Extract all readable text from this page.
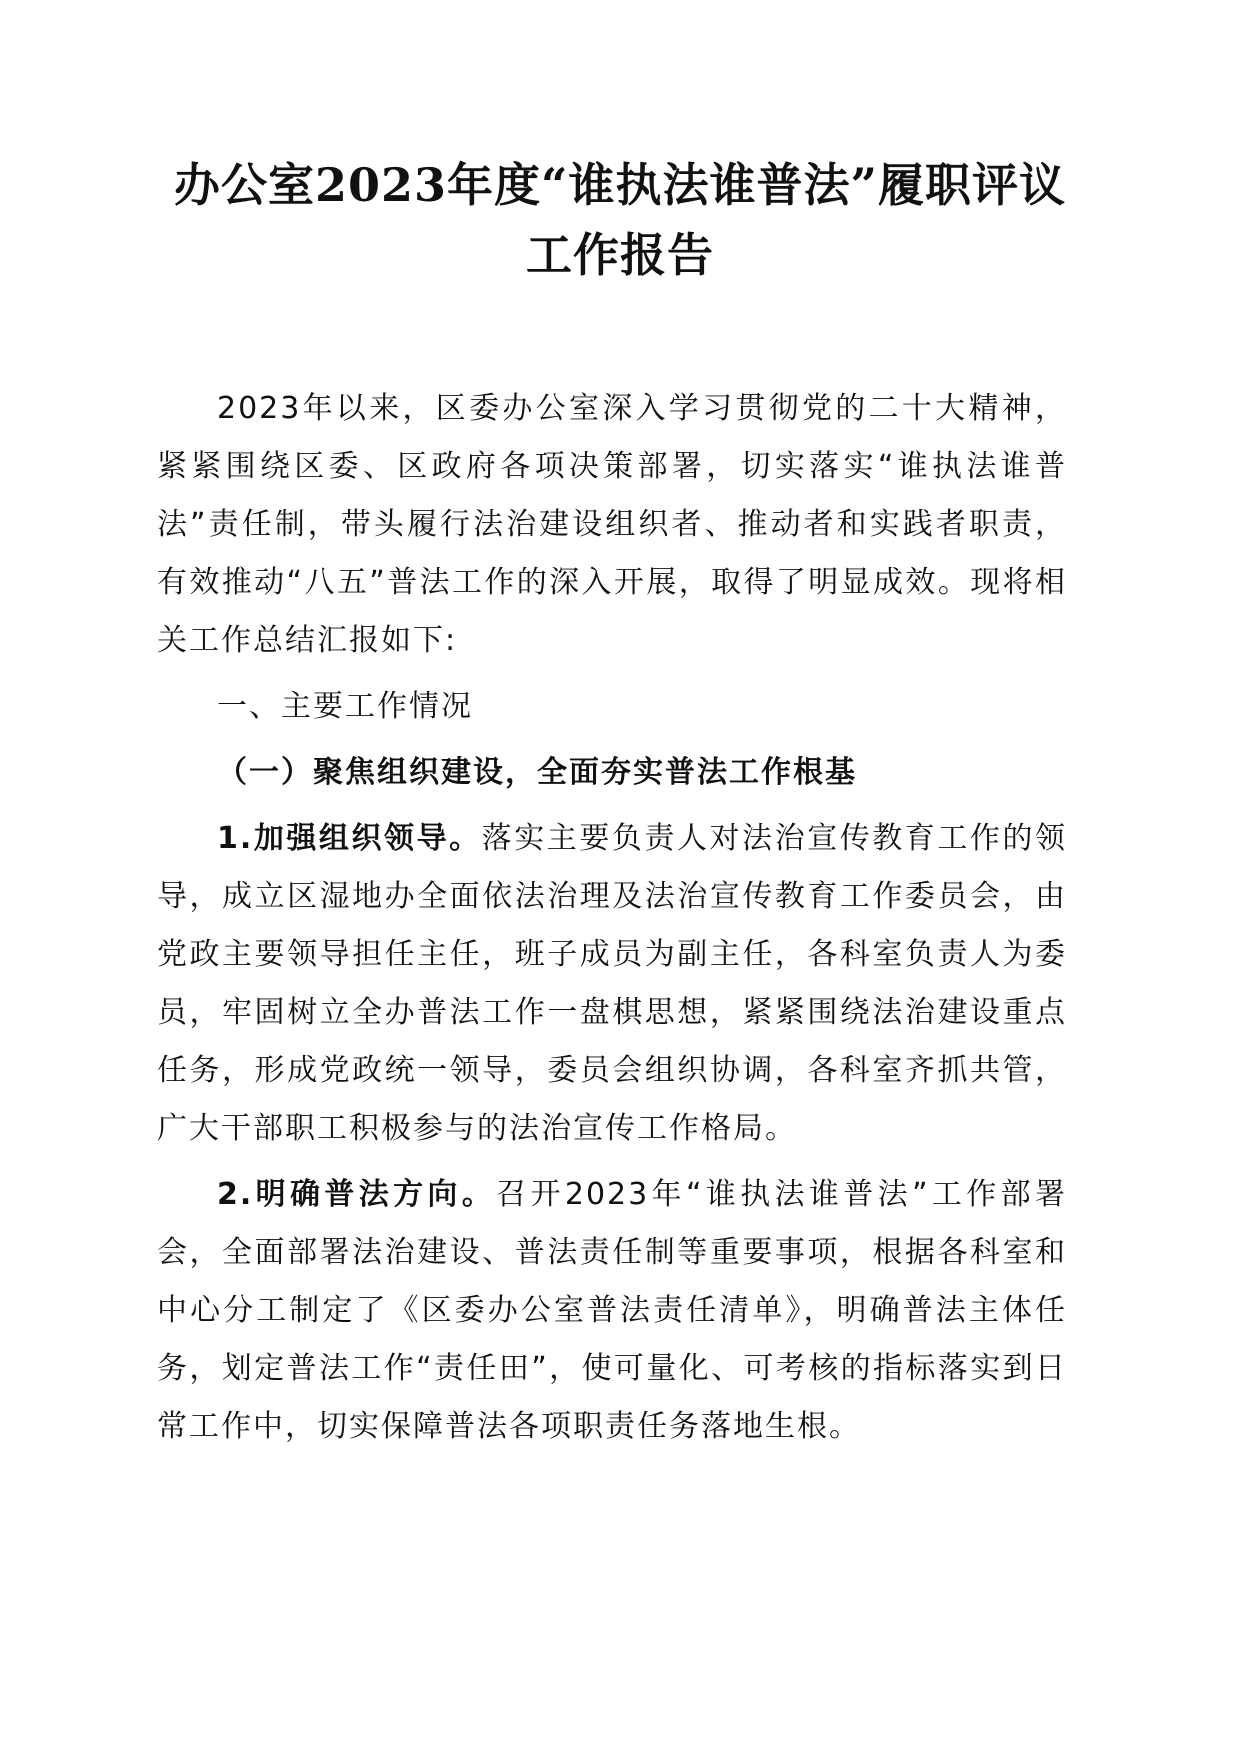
办公室2023年度“谁执法谁普法”履职评议
工作报告

2023年以来，区委办公室深入学习贯彻党的二十大精神，紧紧围绕区委、区政府各项决策部署，切实落实“谁执法谁普法”责任制，带头履行法治建设组织者、推动者和实践者职责，有效推动“八五”普法工作的深入开展，取得了明显成效。现将相关工作总结汇报如下:

一、主要工作情况

（一）聚焦组织建设，全面夯实普法工作根基

1.加强组织领导。落实主要负责人对法治宣传教育工作的领导，成立区湿地办全面依法治理及法治宣传教育工作委员会，由党政主要领导担任主任，班子成员为副主任，各科室负责人为委员，牢固树立全办普法工作一盘棋思想，紧紧围绕法治建设重点任务，形成党政统一领导，委员会组织协调，各科室齐抓共管，广大干部职工积极参与的法治宣传工作格局。

2.明确普法方向。召开2023年“谁执法谁普法”工作部署会，全面部署法治建设、普法责任制等重要事项，根据各科室和中心分工制定了《区委办公室普法责任清单》，明确普法主体任务，划定普法工作“责任田”，使可量化、可考核的指标落实到日常工作中，切实保障普法各项职责任务落地生根。
